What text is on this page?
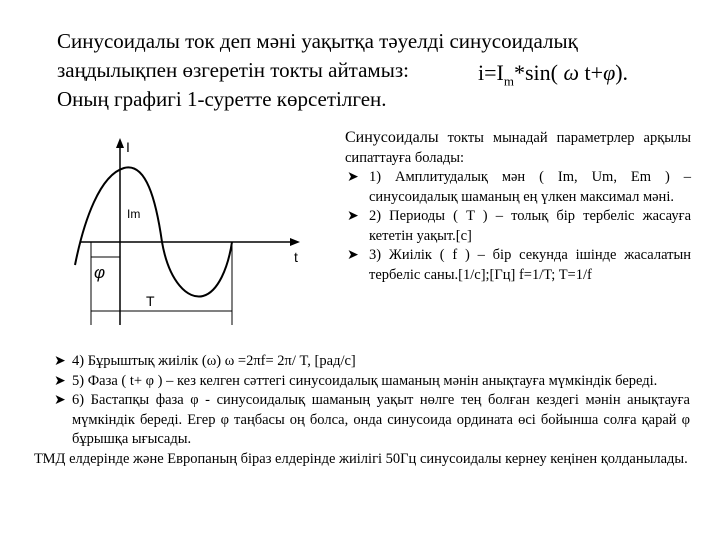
Синусоидалы ток деп мәні уақытқа тәуелді синусоидалық
заңдылықпен өзгеретін токты айтамыз:
Оның графигі 1-суретте көрсетілген.
$i=I_m*\sin$( ω t+φ).
I
t
Im
φ
T

Синусоидалы токты мынадай параметрлер арқылы сипаттауға болады:

➤ 1) Амплитудалық мән ( Im, Um, Em ) – синусоидалық шаманың ең үлкен максимал мәні.

➤ 2) Периоды ( T ) – толық бір тербеліс жасауға кететін уақыт.[с]

➤ 3) Жиілік ( f ) – бір секунда ішінде жасалатын тербеліс саны.[1/с];[Гц] f=1/T; T=1/f

➤ 4) Бұрыштық жиілік (ω) ω =2πf= 2π/ T, [рад/с]

➤ 5) Фаза ( t+ φ ) – кез келген сәттегі синусоидалық шаманың мәнін анықтауға мүмкіндік береді.

➤ 6) Бастапқы фаза φ - синусоидалық шаманың уақыт нөлге тең болған кездегі мәнін анықтауға мүмкіндік береді. Егер φ таңбасы оң болса, онда синусоида ордината өсі бойынша солға қарай φ бұрышқа ығысады.

ТМД елдерінде және Европаның біраз елдерінде жиілігі 50Гц синусоидалы кернеу кеңінен қолданылады.
